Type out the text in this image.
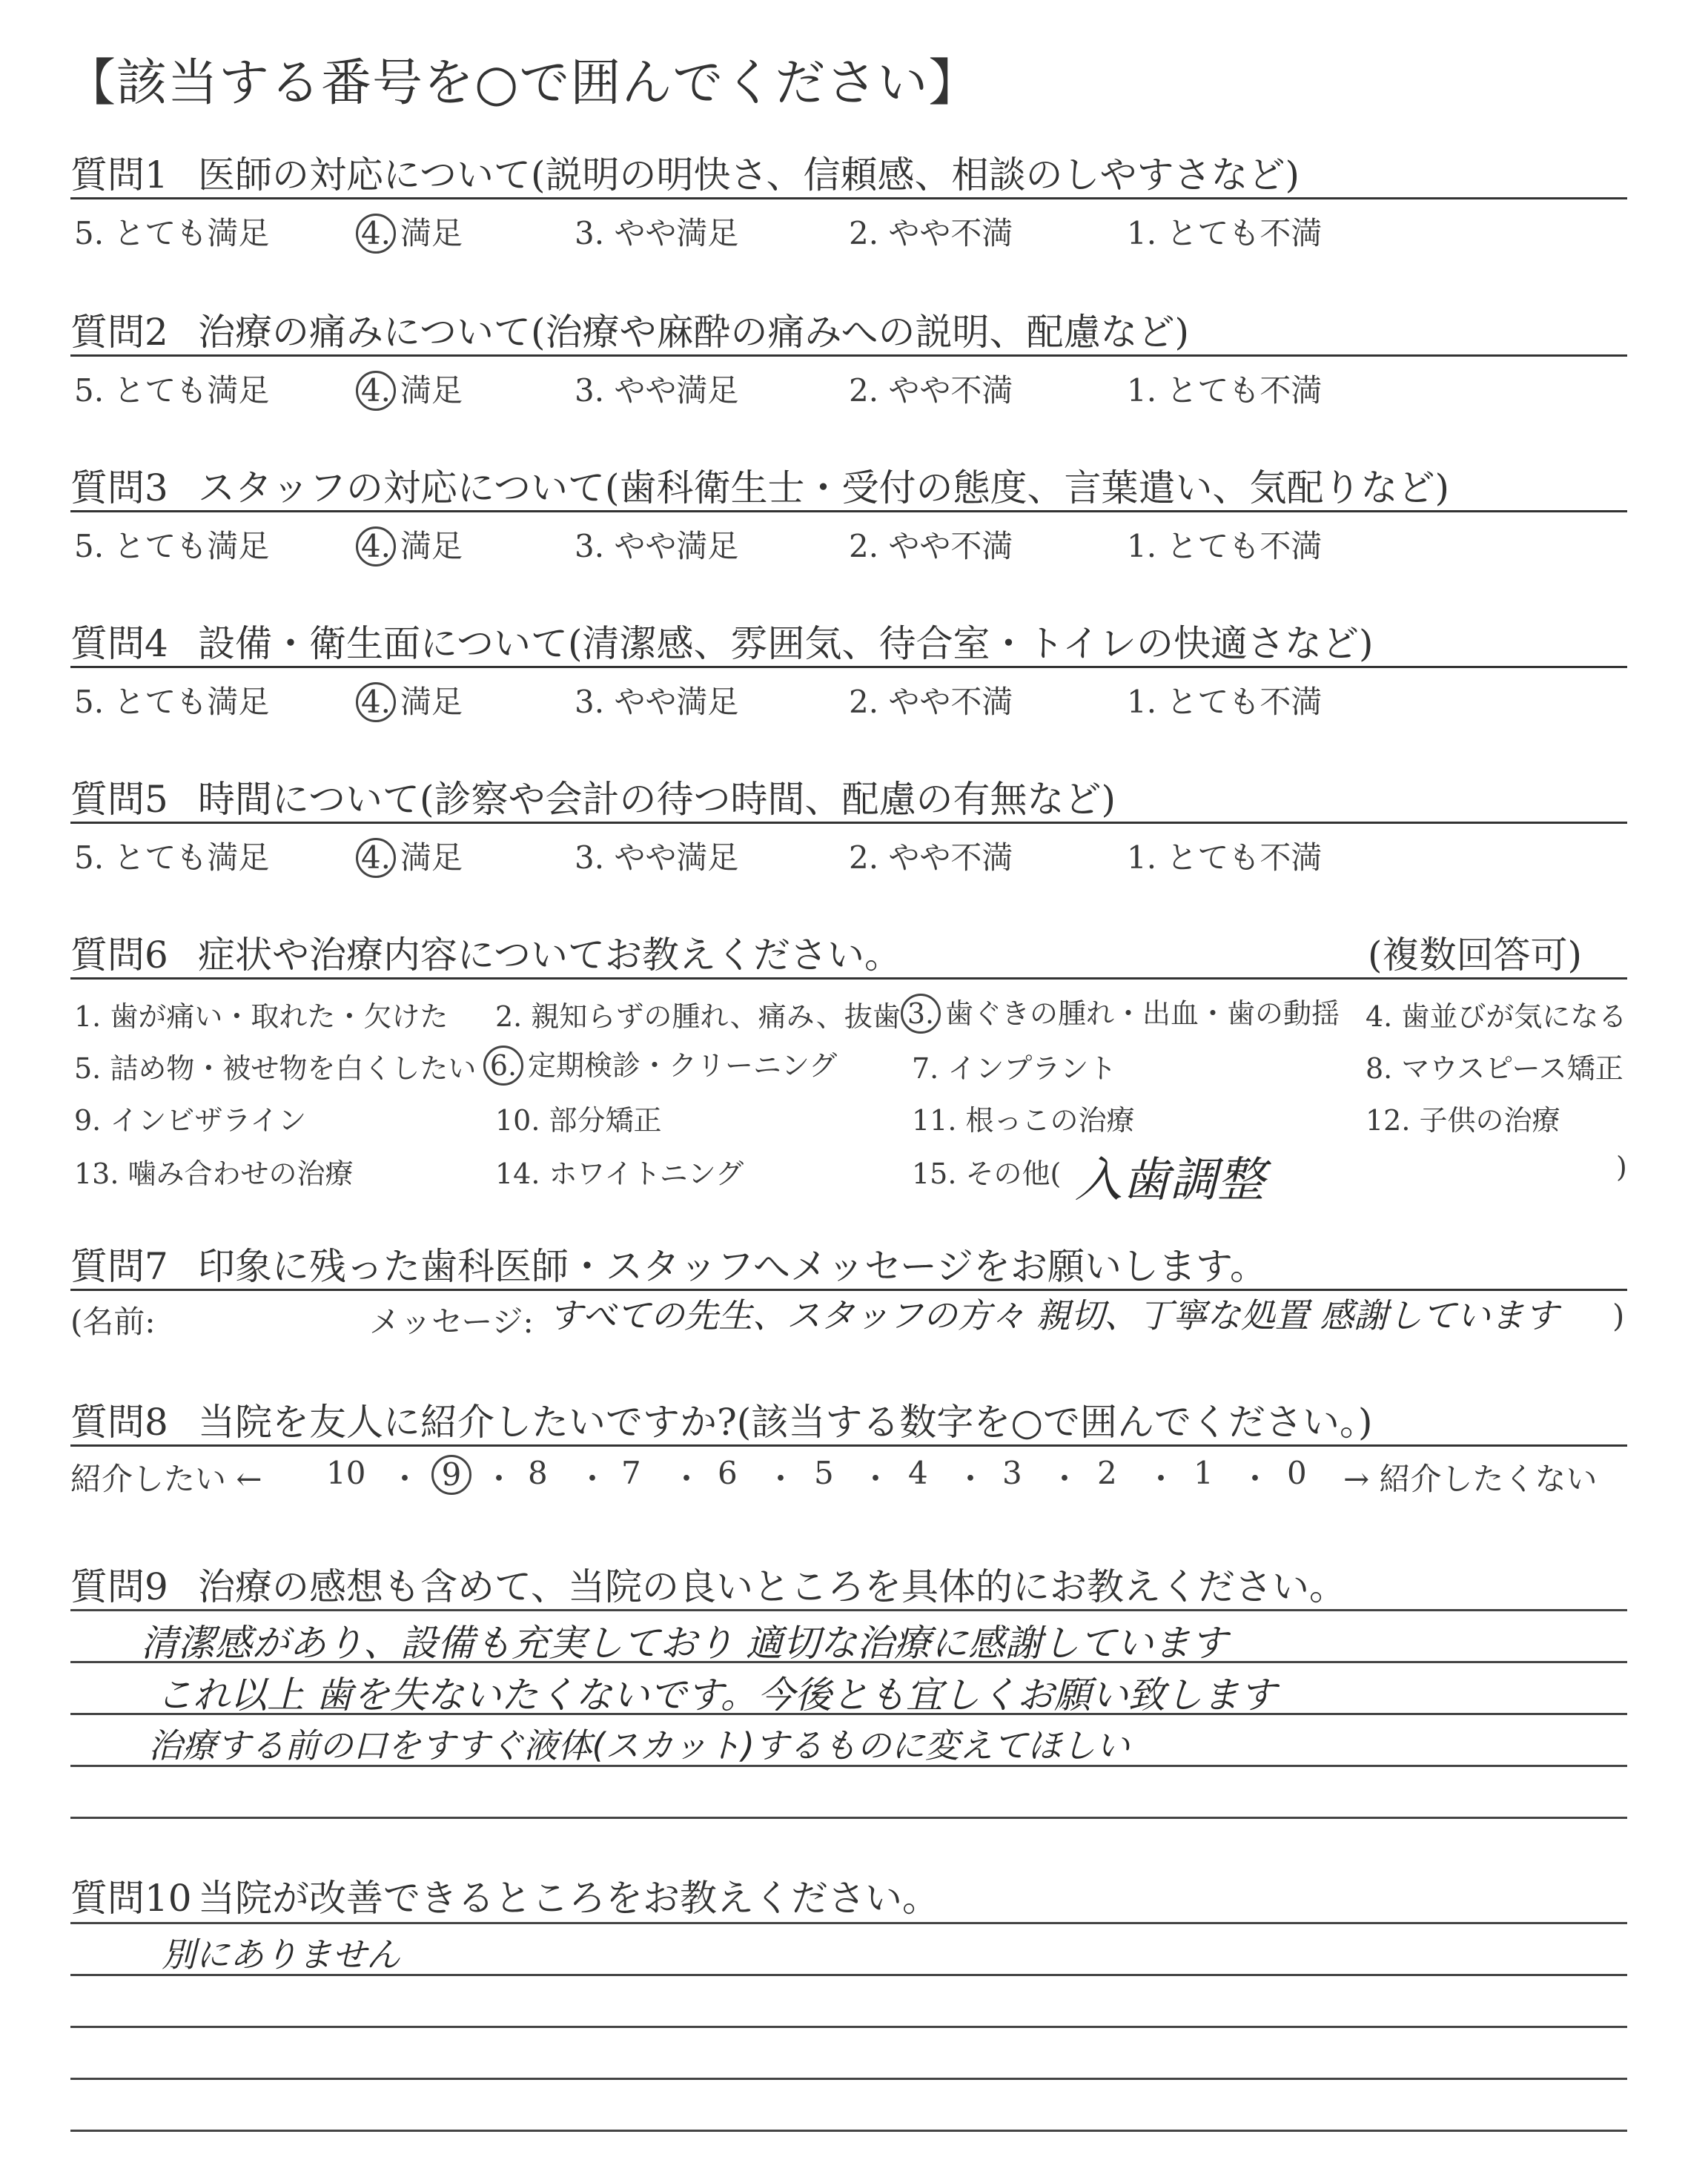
【該当する番号を○で囲んでください】
質問1 医師の対応について(説明の明快さ、信頼感、相談のしやすさなど)
5. とても満足	4. 満足	3. やや満足	2. やや不満	1. とても不満
質問2 治療の痛みについて(治療や麻酔の痛みへの説明、配慮など)
5. とても満足	4. 満足	3. やや満足	2. やや不満	1. とても不満
質問3 スタッフの対応について(歯科衛生士・受付の態度、言葉遣い、気配りなど)
5. とても満足	4. 満足	3. やや満足	2. やや不満	1. とても不満
質問4 設備・衛生面について(清潔感、雰囲気、待合室・トイレの快適さなど)
5. とても満足	4. 満足	3. やや満足	2. やや不満	1. とても不満
質問5 時間について(診察や会計の待つ時間、配慮の有無など)
5. とても満足	4. 満足	3. やや満足	2. やや不満	1. とても不満
質問6 症状や治療内容についてお教えください。	(複数回答可)
1. 歯が痛い・取れた・欠けた 2. 親知らずの腫れ、痛み、抜歯 3. 歯ぐきの腫れ・出血・歯の動揺 4. 歯並びが気になる
5. 詰め物・被せ物を白くしたい 6. 定期検診・クリーニング	7. インプラント	8. マウスピース矯正
9. インビザライン	10. 部分矯正	11. 根っこの治療	12. 子供の治療
13. 噛み合わせの治療	14. ホワイトニング	15. その他( 入歯調整	)
質問7 印象に残った歯科医師・スタッフへメッセージをお願いします。
(名前:	メッセージ: すべての先生、スタッフの方々 親切、丁寧な処置 感謝しています )
質問8 当院を友人に紹介したいですか?(該当する数字を○で囲んでください。)
紹介したい ← 10 ・ 9 ・ 8 ・ 7 ・ 6 ・ 5 ・ 4 ・ 3 ・ 2 ・ 1 ・ 0 → 紹介したくない
質問9 治療の感想も含めて、当院の良いところを具体的にお教えください。
清潔感があり、設備も充実しており 適切な治療に感謝しています
これ以上 歯を失ないたくないです。今後とも宜しくお願い致します
治療する前の口をすすぐ液体(スカット)するものに変えてほしい
質問10 当院が改善できるところをお教えください。
別にありません
